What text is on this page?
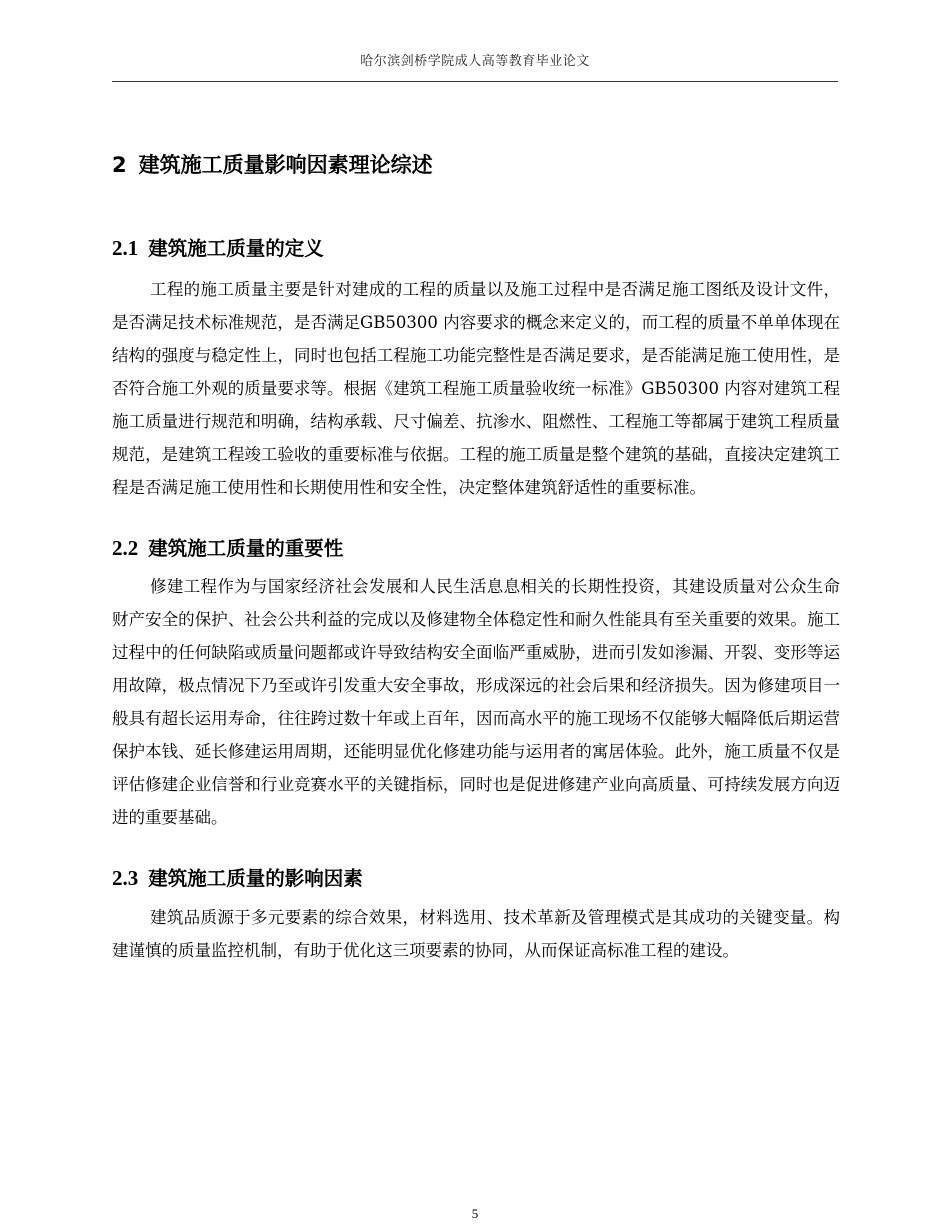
哈尔滨剑桥学院成人高等教育毕业论文
2 建筑施工质量影响因素理论综述
2.1 建筑施工质量的定义

工程的施工质量主要是针对建成的工程的质量以及施工过程中是否满足施工图纸及设计文件，是否满足技术标准规范，是否满足GB50300 内容要求的概念来定义的，而工程的质量不单单体现在结构的强度与稳定性上，同时也包括工程施工功能完整性是否满足要求，是否能满足施工使用性，是否符合施工外观的质量要求等。根据《建筑工程施工质量验收统一标准》GB50300 内容对建筑工程施工质量进行规范和明确，结构承载、尺寸偏差、抗渗水、阻燃性、工程施工等都属于建筑工程质量规范，是建筑工程竣工验收的重要标准与依据。工程的施工质量是整个建筑的基础，直接决定建筑工程是否满足施工使用性和长期使用性和安全性，决定整体建筑舒适性的重要标准。

2.2 建筑施工质量的重要性

修建工程作为与国家经济社会发展和人民生活息息相关的长期性投资，其建设质量对公众生命财产安全的保护、社会公共利益的完成以及修建物全体稳定性和耐久性能具有至关重要的效果。施工过程中的任何缺陷或质量问题都或许导致结构安全面临严重威胁，进而引发如渗漏、开裂、变形等运用故障，极点情况下乃至或许引发重大安全事故，形成深远的社会后果和经济损失。因为修建项目一般具有超长运用寿命，往往跨过数十年或上百年，因而高水平的施工现场不仅能够大幅降低后期运营保护本钱、延长修建运用周期，还能明显优化修建功能与运用者的寓居体验。此外，施工质量不仅是评估修建企业信誉和行业竞赛水平的关键指标，同时也是促进修建产业向高质量、可持续发展方向迈进的重要基础。

2.3 建筑施工质量的影响因素

建筑品质源于多元要素的综合效果，材料选用、技术革新及管理模式是其成功的关键变量。构建谨慎的质量监控机制，有助于优化这三项要素的协同，从而保证高标准工程的建设。

5
